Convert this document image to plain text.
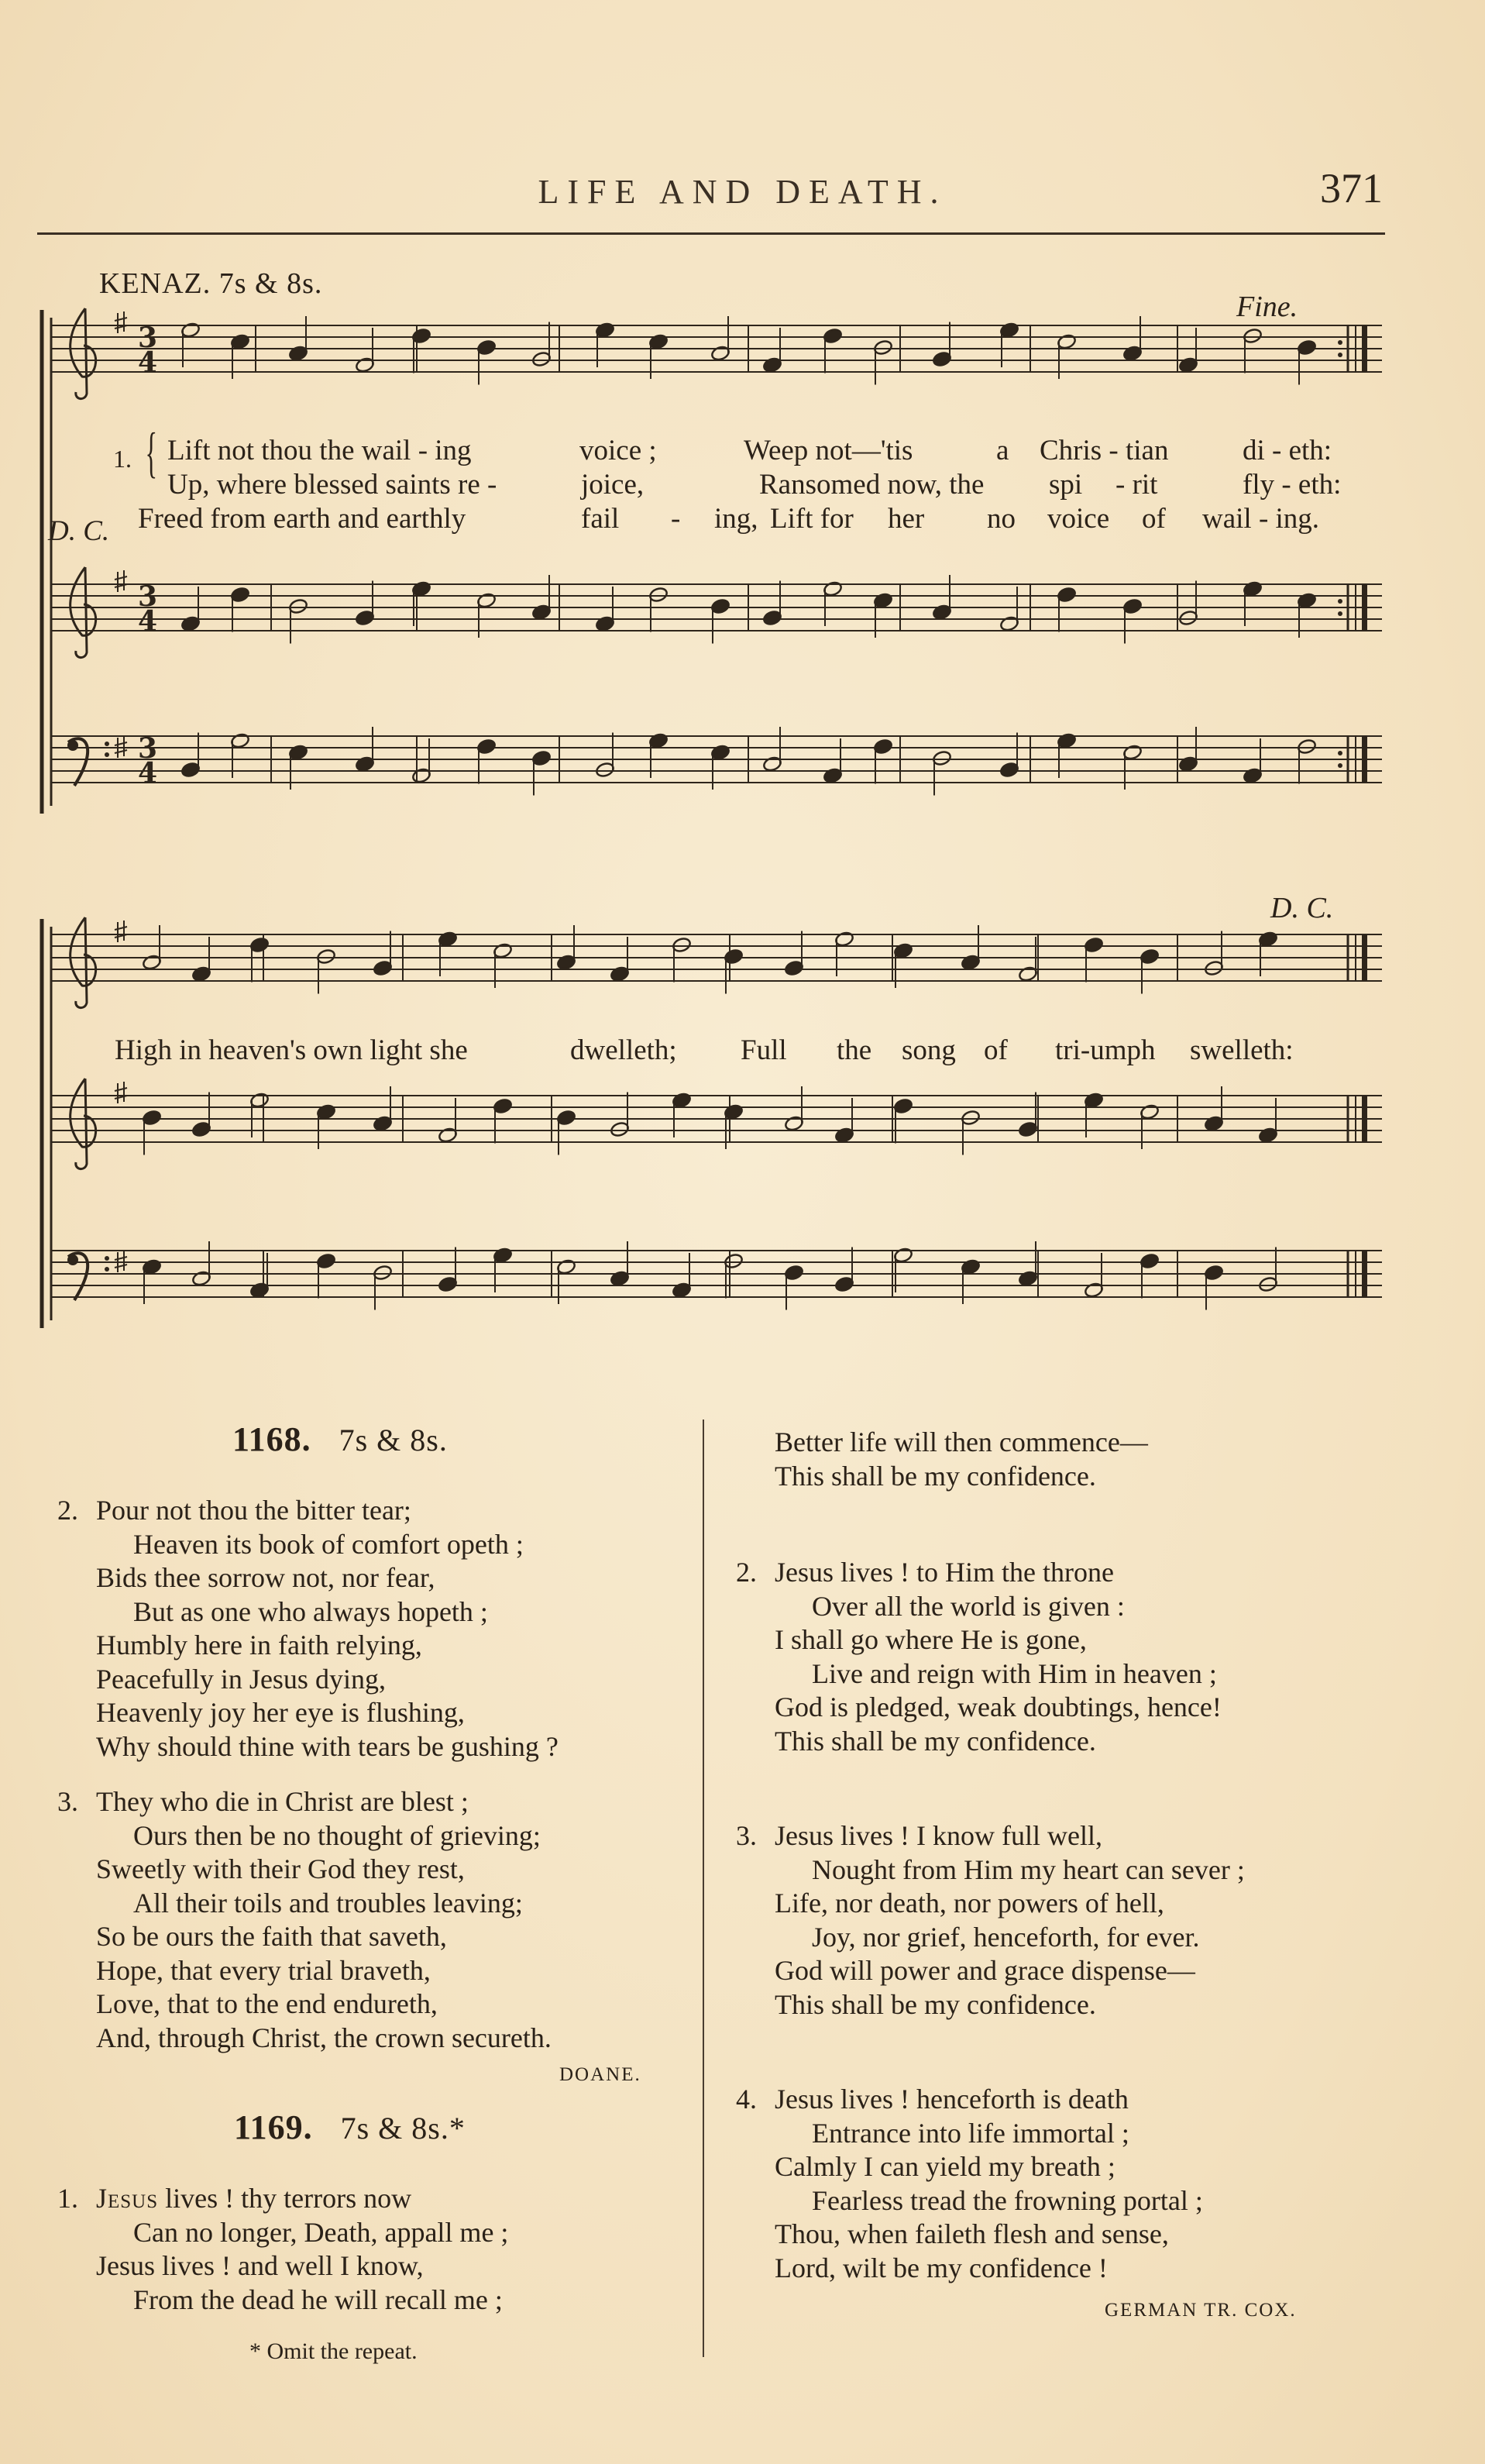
LIFE AND DEATH.	371
3
4
3
4
3
4
KENAZ. 7s & 8s.
Fine.
D. C.
1.
D. C.
{ Lift not thou the wail - ing	voice ;	Weep not—'tis	a Chris - tian	di - eth:
Up, where blessed saints re -	joice,	Ransomed now, the spi - rit	fly - eth:
Freed from earth and earthly	fail - ing, Lift for her no voice of wail - ing.
High in heaven's own light she	dwelleth; Full the song of tri-umph swelleth:
1168. 7s & 8s.
2. Pour not thou the bitter tear;
Heaven its book of comfort opeth ;
Bids thee sorrow not, nor fear,
But as one who always hopeth ;
Humbly here in faith relying,
Peacefully in Jesus dying,
Heavenly joy her eye is flushing,
Why should thine with tears be gushing ?
3. They who die in Christ are blest ;
Ours then be no thought of grieving;
Sweetly with their God they rest,
All their toils and troubles leaving;
So be ours the faith that saveth,
Hope, that every trial braveth,
Love, that to the end endureth,
And, through Christ, the crown secureth.
DOANE.
1169. 7s & 8s.*
1. Jesus lives ! thy terrors now
Can no longer, Death, appall me ;
Jesus lives ! and well I know,
From the dead he will recall me ;
* Omit the repeat.
Better life will then commence—
This shall be my confidence.
2. Jesus lives ! to Him the throne
Over all the world is given :
I shall go where He is gone,
Live and reign with Him in heaven ;
God is pledged, weak doubtings, hence!
This shall be my confidence.
3. Jesus lives ! I know full well,
Nought from Him my heart can sever ;
Life, nor death, nor powers of hell,
Joy, nor grief, henceforth, for ever.
God will power and grace dispense—
This shall be my confidence.
4. Jesus lives ! henceforth is death
Entrance into life immortal ;
Calmly I can yield my breath ;
Fearless tread the frowning portal ;
Thou, when faileth flesh and sense,
Lord, wilt be my confidence !
GERMAN TR. COX.
